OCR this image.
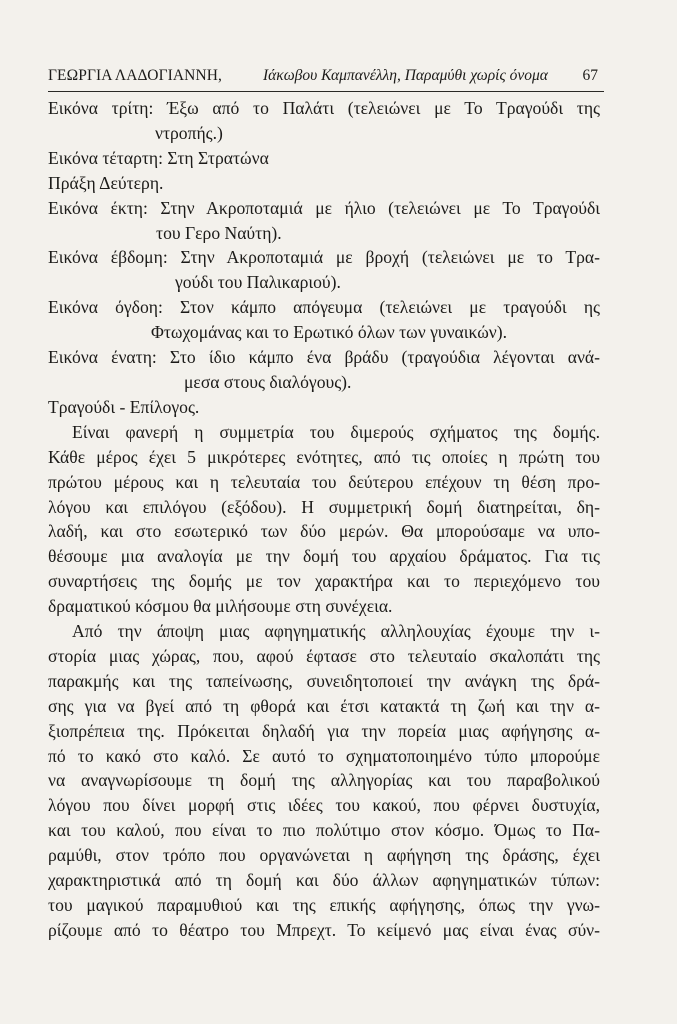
ΓΕΩΡΓΙΑ ΛΑΔΟΓΙΑΝΝΗ,	Ιάκωβου Καμπανέλλη, Παραμύθι χωρίς όνομα 67

Εικόνα τρίτη: Έξω από το Παλάτι (τελειώνει με Το Τραγούδι της
ντροπής.)

Εικόνα τέταρτη: Στη Στρατώνα

Πράξη Δεύτερη.

Εικόνα έκτη: Στην Ακροποταμιά με ήλιο (τελειώνει με Το Τραγούδι
του Γερο Ναύτη).

Εικόνα έβδομη: Στην Ακροποταμιά με βροχή (τελειώνει με το Τρα-
γούδι του Παλικαριού).

Εικόνα όγδοη: Στον κάμπο απόγευμα (τελειώνει με τραγούδι ης
Φτωχομάνας και το Ερωτικό όλων των γυναικών).

Εικόνα ένατη: Στο ίδιο κάμπο ένα βράδυ (τραγούδια λέγονται ανά-
μεσα στους διαλόγους).

Τραγούδι - Επίλογος.

Είναι φανερή η συμμετρία του διμερούς σχήματος της δομής.
Κάθε μέρος έχει 5 μικρότερες ενότητες, από τις οποίες η πρώτη του
πρώτου μέρους και η τελευταία του δεύτερου επέχουν τη θέση προ-
λόγου και επιλόγου (εξόδου). Η συμμετρική δομή διατηρείται, δη-
λαδή, και στο εσωτερικό των δύο μερών. Θα μπορούσαμε να υπο-
θέσουμε μια αναλογία με την δομή του αρχαίου δράματος. Για τις
συναρτήσεις της δομής με τον χαρακτήρα και το περιεχόμενο του
δραματικού κόσμου θα μιλήσουμε στη συνέχεια.
Από την άποψη μιας αφηγηματικής αλληλουχίας έχουμε την ι-
στορία μιας χώρας, που, αφού έφτασε στο τελευταίο σκαλοπάτι της
παρακμής και της ταπείνωσης, συνειδητοποιεί την ανάγκη της δρά-
σης για να βγεί από τη φθορά και έτσι κατακτά τη ζωή και την α-
ξιοπρέπεια της. Πρόκειται δηλαδή για την πορεία μιας αφήγησης α-
πό το κακό στο καλό. Σε αυτό το σχηματοποιημένο τύπο μπορούμε
να αναγνωρίσουμε τη δομή της αλληγορίας και του παραβολικού
λόγου που δίνει μορφή στις ιδέες του κακού, που φέρνει δυστυχία,
και του καλού, που είναι το πιο πολύτιμο στον κόσμο. Όμως το Πα-
ραμύθι, στον τρόπο που οργανώνεται η αφήγηση της δράσης, έχει
χαρακτηριστικά από τη δομή και δύο άλλων αφηγηματικών τύπων:
του μαγικού παραμυθιού και της επικής αφήγησης, όπως την γνω-
ρίζουμε από το θέατρο του Μπρεχτ. Το κείμενό μας είναι ένας σύν-
